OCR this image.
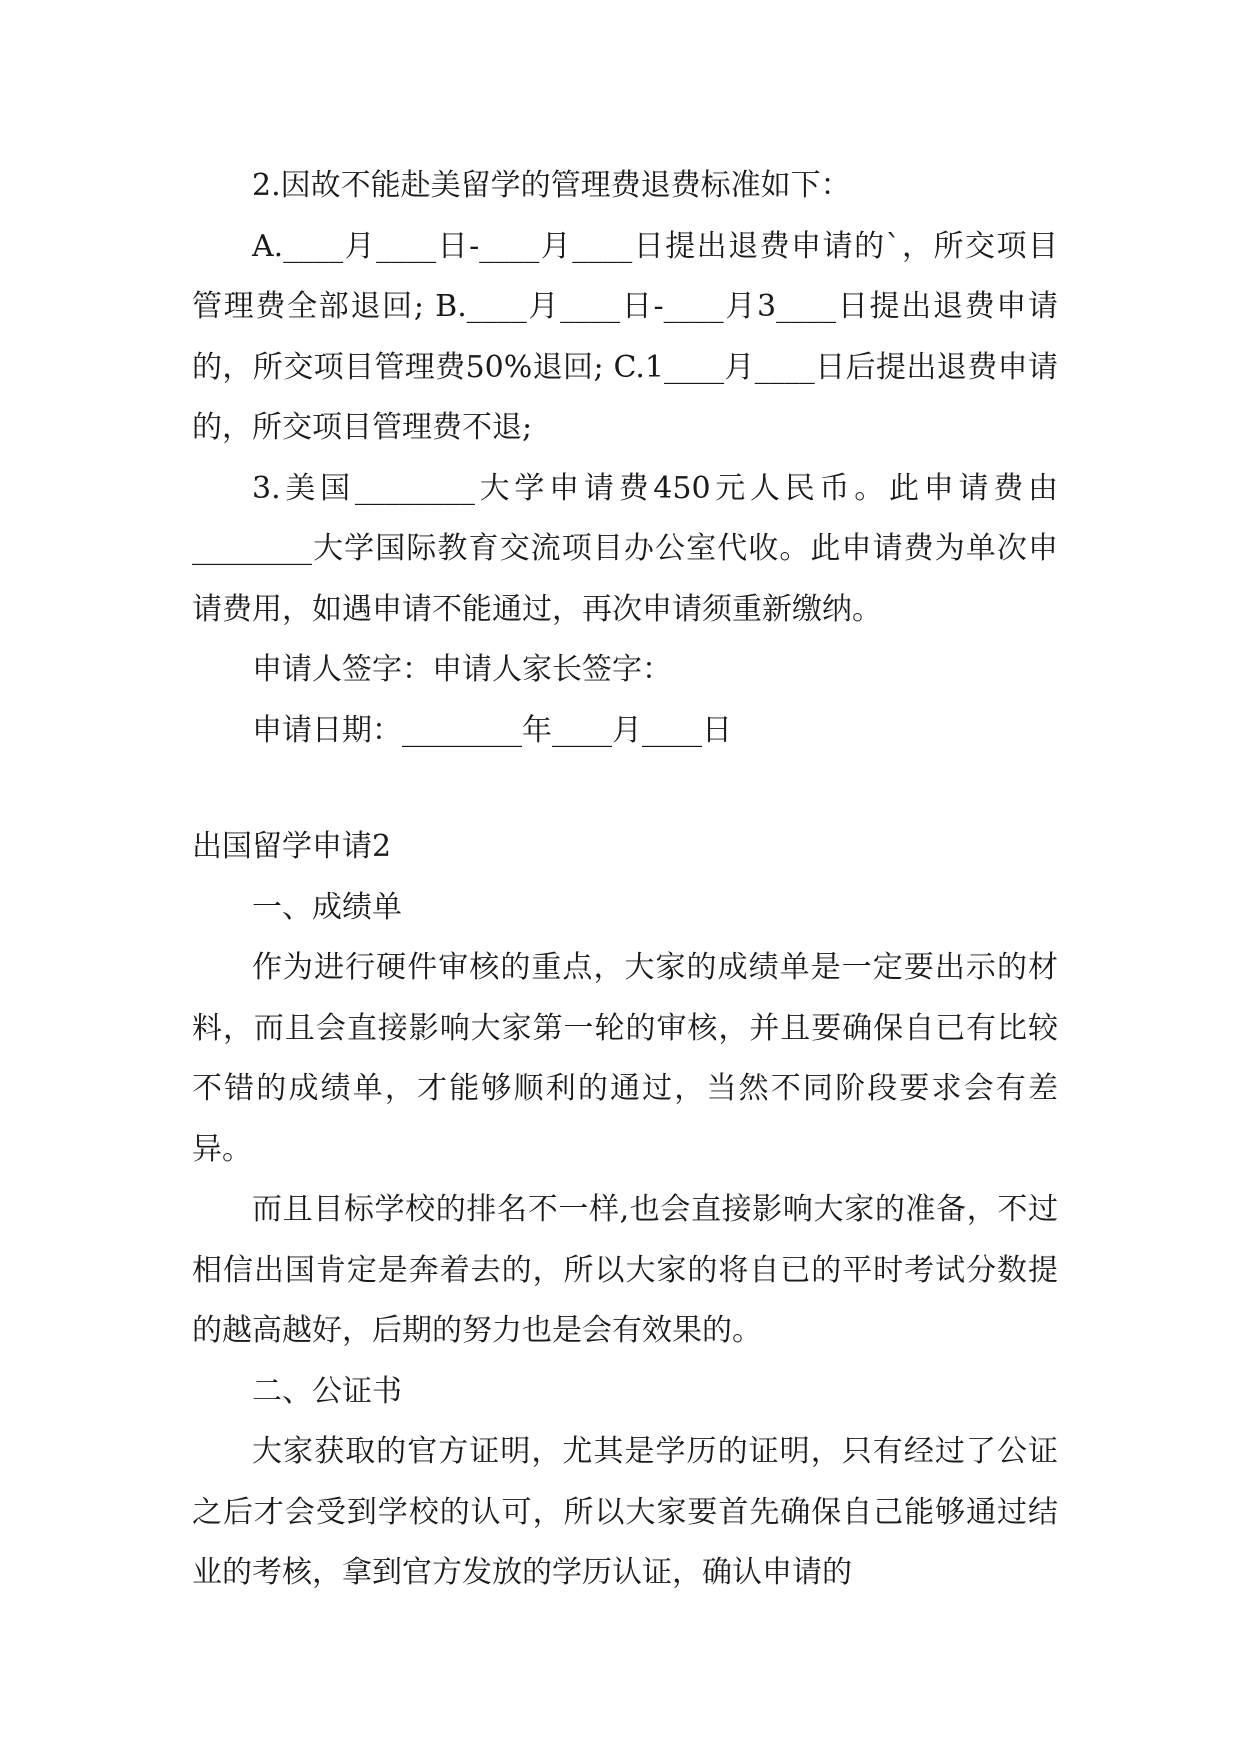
2.因故不能赴美留学的管理费退费标准如下：

A.____月____日-____月____日提出退费申请的`，所交项目管理费全部退回; B.____月____日-____月3____日提出退费申请的，所交项目管理费50%退回; C.1____月____日后提出退费申请的，所交项目管理费不退;

3.美国________大学申请费450元人民币。此申请费由________大学国际教育交流项目办公室代收。此申请费为单次申请费用，如遇申请不能通过，再次申请须重新缴纳。

申请人签字：申请人家长签字：

申请日期：________年____月____日

出国留学申请2

一、成绩单

作为进行硬件审核的重点，大家的成绩单是一定要出示的材料，而且会直接影响大家第一轮的审核，并且要确保自已有比较不错的成绩单，才能够顺利的通过，当然不同阶段要求会有差异。

而且目标学校的排名不一样,也会直接影响大家的准备，不过相信出国肯定是奔着去的，所以大家的将自已的平时考试分数提的越高越好，后期的努力也是会有效果的。

二、公证书

大家获取的官方证明，尤其是学历的证明，只有经过了公证之后才会受到学校的认可，所以大家要首先确保自己能够通过结业的考核，拿到官方发放的学历认证，确认申请的
